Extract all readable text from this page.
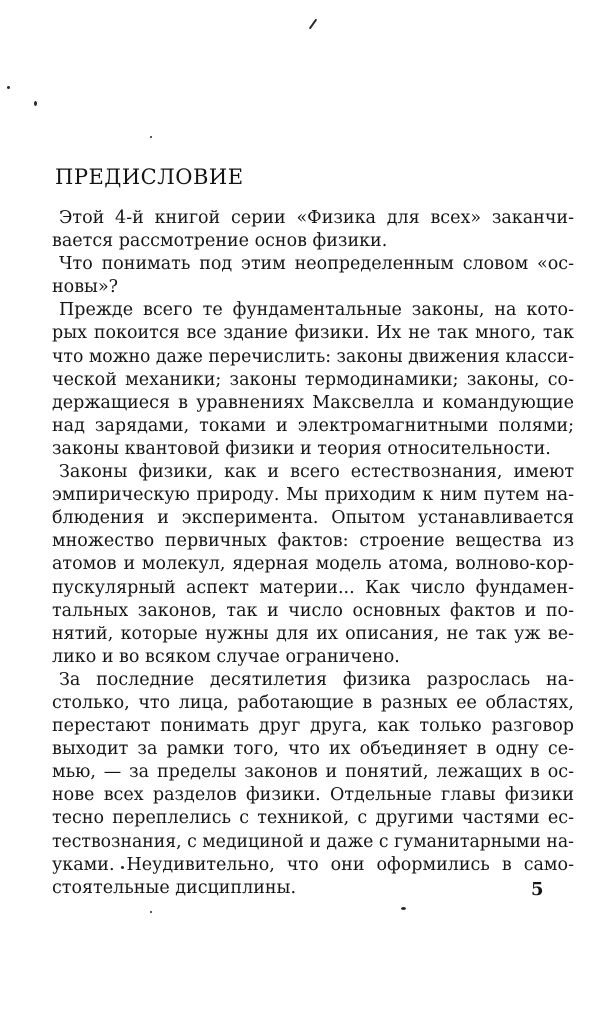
ПРЕДИСЛОВИЕ
Этой 4-й книгой серии «Физика для всех» заканчи-
вается рассмотрение основ физики.
Что понимать под этим неопределенным словом «ос-
новы»?
Прежде всего те фундаментальные законы, на кото-
рых покоится все здание физики. Их не так много, так
что можно даже перечислить: законы движения класси-
ческой механики; законы термодинамики; законы, со-
держащиеся в уравнениях Максвелла и командующие
над зарядами, токами и электромагнитными полями;
законы квантовой физики и теория относительности.
Законы физики, как и всего естествознания, имеют
эмпирическую природу. Мы приходим к ним путем на-
блюдения и эксперимента. Опытом устанавливается
множество первичных фактов: строение вещества из
атомов и молекул, ядерная модель атома, волново-кор-
пускулярный аспект материи... Как число фундамен-
тальных законов, так и число основных фактов и по-
нятий, которые нужны для их описания, не так уж ве-
лико и во всяком случае ограничено.
За последние десятилетия физика разрослась на-
столько, что лица, работающие в разных ее областях,
перестают понимать друг друга, как только разговор
выходит за рамки того, что их объединяет в одну се-
мью, — за пределы законов и понятий, лежащих в ос-
нове всех разделов физики. Отдельные главы физики
тесно переплелись с техникой, с другими частями ес-
тествознания, с медициной и даже с гуманитарными на-
уками. Неудивительно, что они оформились в само-
стоятельные дисциплины.	5
